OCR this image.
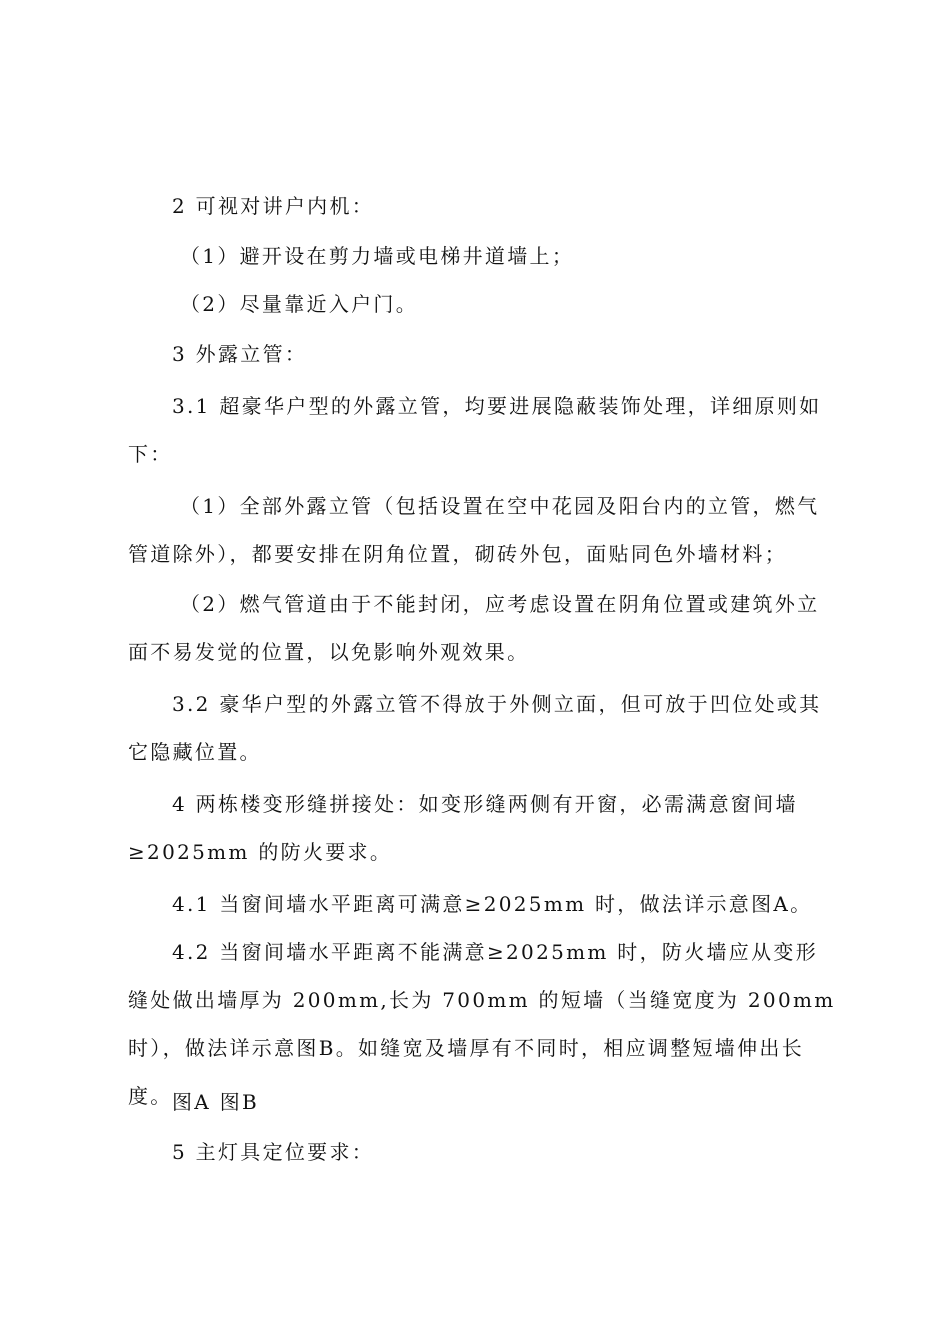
2 可视对讲户内机：

（1）避开设在剪力墙或电梯井道墙上；

（2）尽量靠近入户门。

3 外露立管：

3.1 超豪华户型的外露立管，均要进展隐蔽装饰处理，详细原则如下：

（1）全部外露立管（包括设置在空中花园及阳台内的立管，燃气管道除外），都要安排在阴角位置，砌砖外包，面贴同色外墙材料；

（2）燃气管道由于不能封闭，应考虑设置在阴角位置或建筑外立面不易发觉的位置，以免影响外观效果。

3.2 豪华户型的外露立管不得放于外侧立面，但可放于凹位处或其它隐藏位置。

4 两栋楼变形缝拼接处：如变形缝两侧有开窗，必需满意窗间墙≥2025mm 的防火要求。

4.1 当窗间墙水平距离可满意≥2025mm 时，做法详示意图A。

4.2 当窗间墙水平距离不能满意≥2025mm 时，防火墙应从变形缝处做出墙厚为 200mm,长为 700mm 的短墙（当缝宽度为 200mm 时），做法详示意图B。如缝宽及墙厚有不同时，相应调整短墙伸出长度。 图A 图B

5 主灯具定位要求：
